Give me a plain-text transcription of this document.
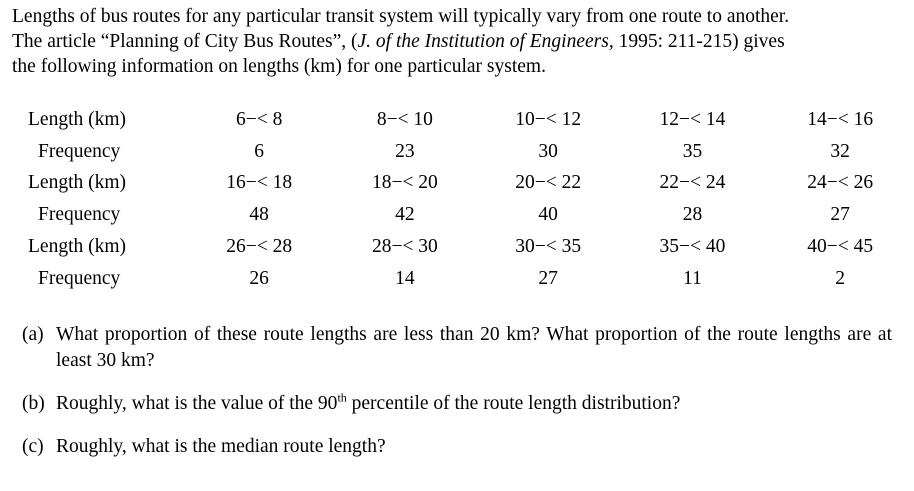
Lengths of bus routes for any particular transit system will typically vary from one route to another.
The article “Planning of City Bus Routes”, (J. of the Institution of Engineers, 1995: 211-215) gives
the following information on lengths (km) for one particular system.
Length (km)	6−< 8	8−< 10	10−< 12	12−< 14	14−< 16
Frequency	6	23	30	35	32
Length (km)	16−< 18	18−< 20	20−< 22	22−< 24	24−< 26
Frequency	48	42	40	28	27
Length (km)	26−< 28	28−< 30	30−< 35	35−< 40	40−< 45
Frequency	26	14	27	11	2

(a) What proportion of these route lengths are less than 20 km? What proportion of the route lengths are at least 30 km?

(b) Roughly, what is the value of the 90th percentile of the route length distribution?

(c) Roughly, what is the median route length?
